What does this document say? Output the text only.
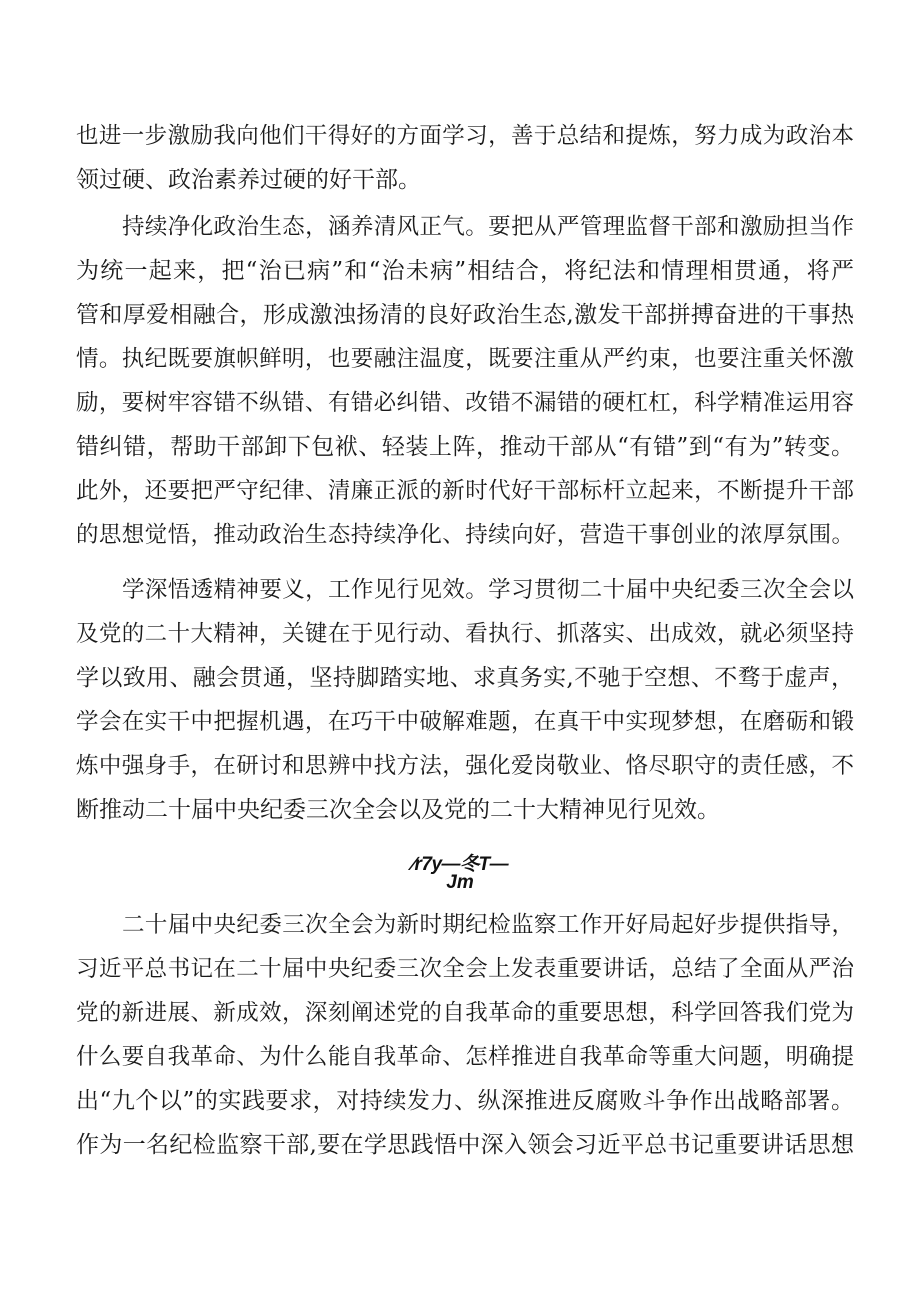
也进一步激励我向他们干得好的方面学习，善于总结和提炼，努力成为政治本
领过硬、政治素养过硬的好干部。
持续净化政治生态，涵养清风正气。要把从严管理监督干部和激励担当作
为统一起来，把“治已病”和“治未病”相结合，将纪法和情理相贯通，将严
管和厚爱相融合，形成激浊扬清的良好政治生态,激发干部拼搏奋进的干事热
情。执纪既要旗帜鲜明，也要融注温度，既要注重从严约束，也要注重关怀激
励，要树牢容错不纵错、有错必纠错、改错不漏错的硬杠杠，科学精准运用容
错纠错，帮助干部卸下包袱、轻装上阵，推动干部从“有错”到“有为”转变。
此外，还要把严守纪律、清廉正派的新时代好干部标杆立起来，不断提升干部
的思想觉悟，推动政治生态持续净化、持续向好，营造干事创业的浓厚氛围。
学深悟透精神要义，工作见行见效。学习贯彻二十届中央纪委三次全会以
及党的二十大精神，关键在于见行动、看执行、抓落实、出成效，就必须坚持
学以致用、融会贯通，坚持脚踏实地、求真务实,不驰于空想、不骛于虚声，
学会在实干中把握机遇，在巧干中破解难题，在真干中实现梦想，在磨砺和锻
炼中强身手，在研讨和思辨中找方法，强化爱岗敬业、恪尽职守的责任感，不
断推动二十届中央纪委三次全会以及党的二十大精神见行见效。
∕r7y—冬T—
Jm
二十届中央纪委三次全会为新时期纪检监察工作开好局起好步提供指导，
习近平总书记在二十届中央纪委三次全会上发表重要讲话，总结了全面从严治
党的新进展、新成效，深刻阐述党的自我革命的重要思想，科学回答我们党为
什么要自我革命、为什么能自我革命、怎样推进自我革命等重大问题，明确提
出“九个以”的实践要求，对持续发力、纵深推进反腐败斗争作出战略部署。
作为一名纪检监察干部,要在学思践悟中深入领会习近平总书记重要讲话思想
